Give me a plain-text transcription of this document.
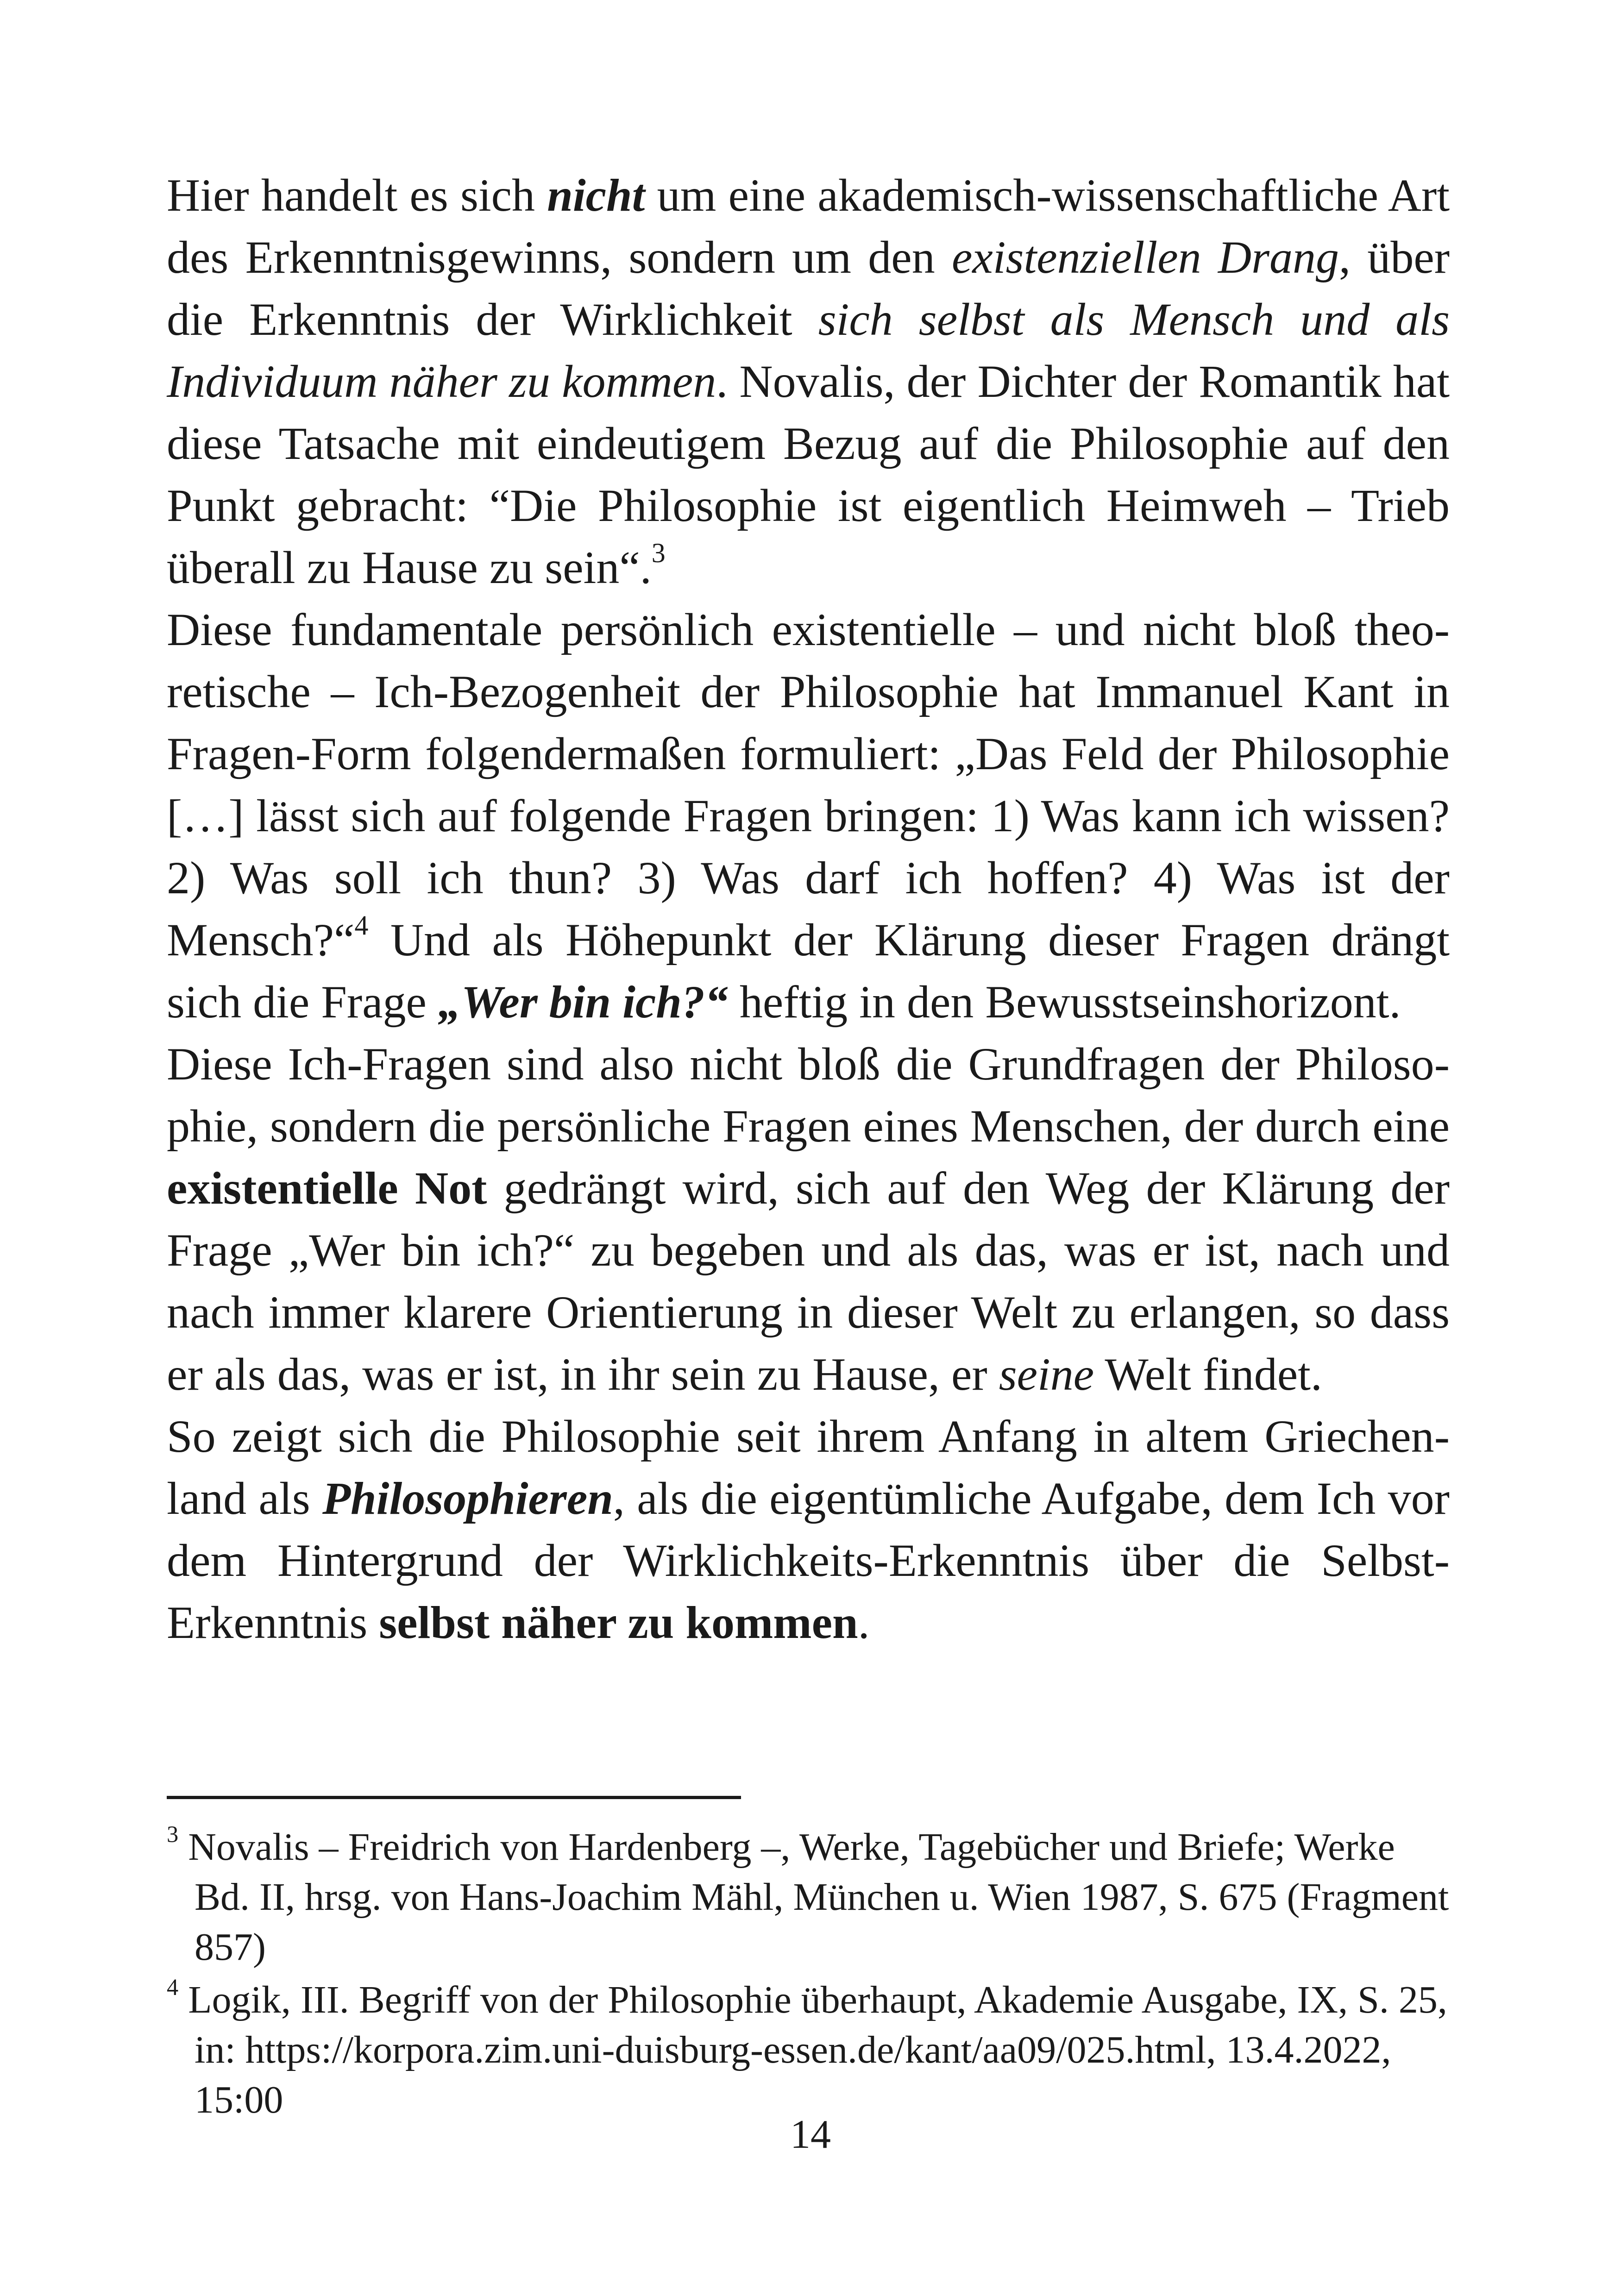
Hier handelt es sich nicht um eine akademisch-wissenschaftliche Art des Erkenntnisgewinns, sondern um den existenziellen Drang, über die Erkenntnis der Wirklichkeit sich selbst als Mensch und als Individuum näher zu kommen. Novalis, der Dichter der Romantik hat diese Tatsache mit eindeutigem Bezug auf die Philosophie auf den Punkt gebracht: “Die Philosophie ist eigentlich Heimweh – Trieb überall zu Hause zu sein“.$^3$

Diese fundamentale persönlich existentielle – und nicht bloß theoretische – Ich-Bezogenheit der Philosophie hat Immanuel Kant in Fragen-Form folgendermaßen formuliert: „Das Feld der Philosophie […] lässt sich auf folgende Fragen bringen: 1) Was kann ich wissen? 2) Was soll ich thun? 3) Was darf ich hoffen? 4) Was ist der Mensch?“$^4$ Und als Höhepunkt der Klärung dieser Fragen drängt sich die Frage „Wer bin ich?“ heftig in den Bewusstseinshorizont.

Diese Ich-Fragen sind also nicht bloß die Grundfragen der Philosophie, sondern die persönliche Fragen eines Menschen, der durch eine existentielle Not gedrängt wird, sich auf den Weg der Klärung der Frage „Wer bin ich?“ zu begeben und als das, was er ist, nach und nach immer klarere Orientierung in dieser Welt zu erlangen, so dass er als das, was er ist, in ihr sein zu Hause, er seine Welt findet.

So zeigt sich die Philosophie seit ihrem Anfang in altem Griechenland als Philosophieren, als die eigentümliche Aufgabe, dem Ich vor dem Hintergrund der Wirklichkeits-Erkenntnis über die Selbst-Erkenntnis selbst näher zu kommen.

$^3$ Novalis – Freidrich von Hardenberg –, Werke, Tagebücher und Briefe; Werke Bd. II, hrsg. von Hans-Joachim Mähl, München u. Wien 1987, S. 675 (Fragment 857)

$^4$ Logik, III. Begriff von der Philosophie überhaupt, Akademie Ausgabe, IX, S. 25, in: https://korpora.zim.uni-duisburg-essen.de/kant/aa09/025.html, 13.4.2022, 15:00

14
